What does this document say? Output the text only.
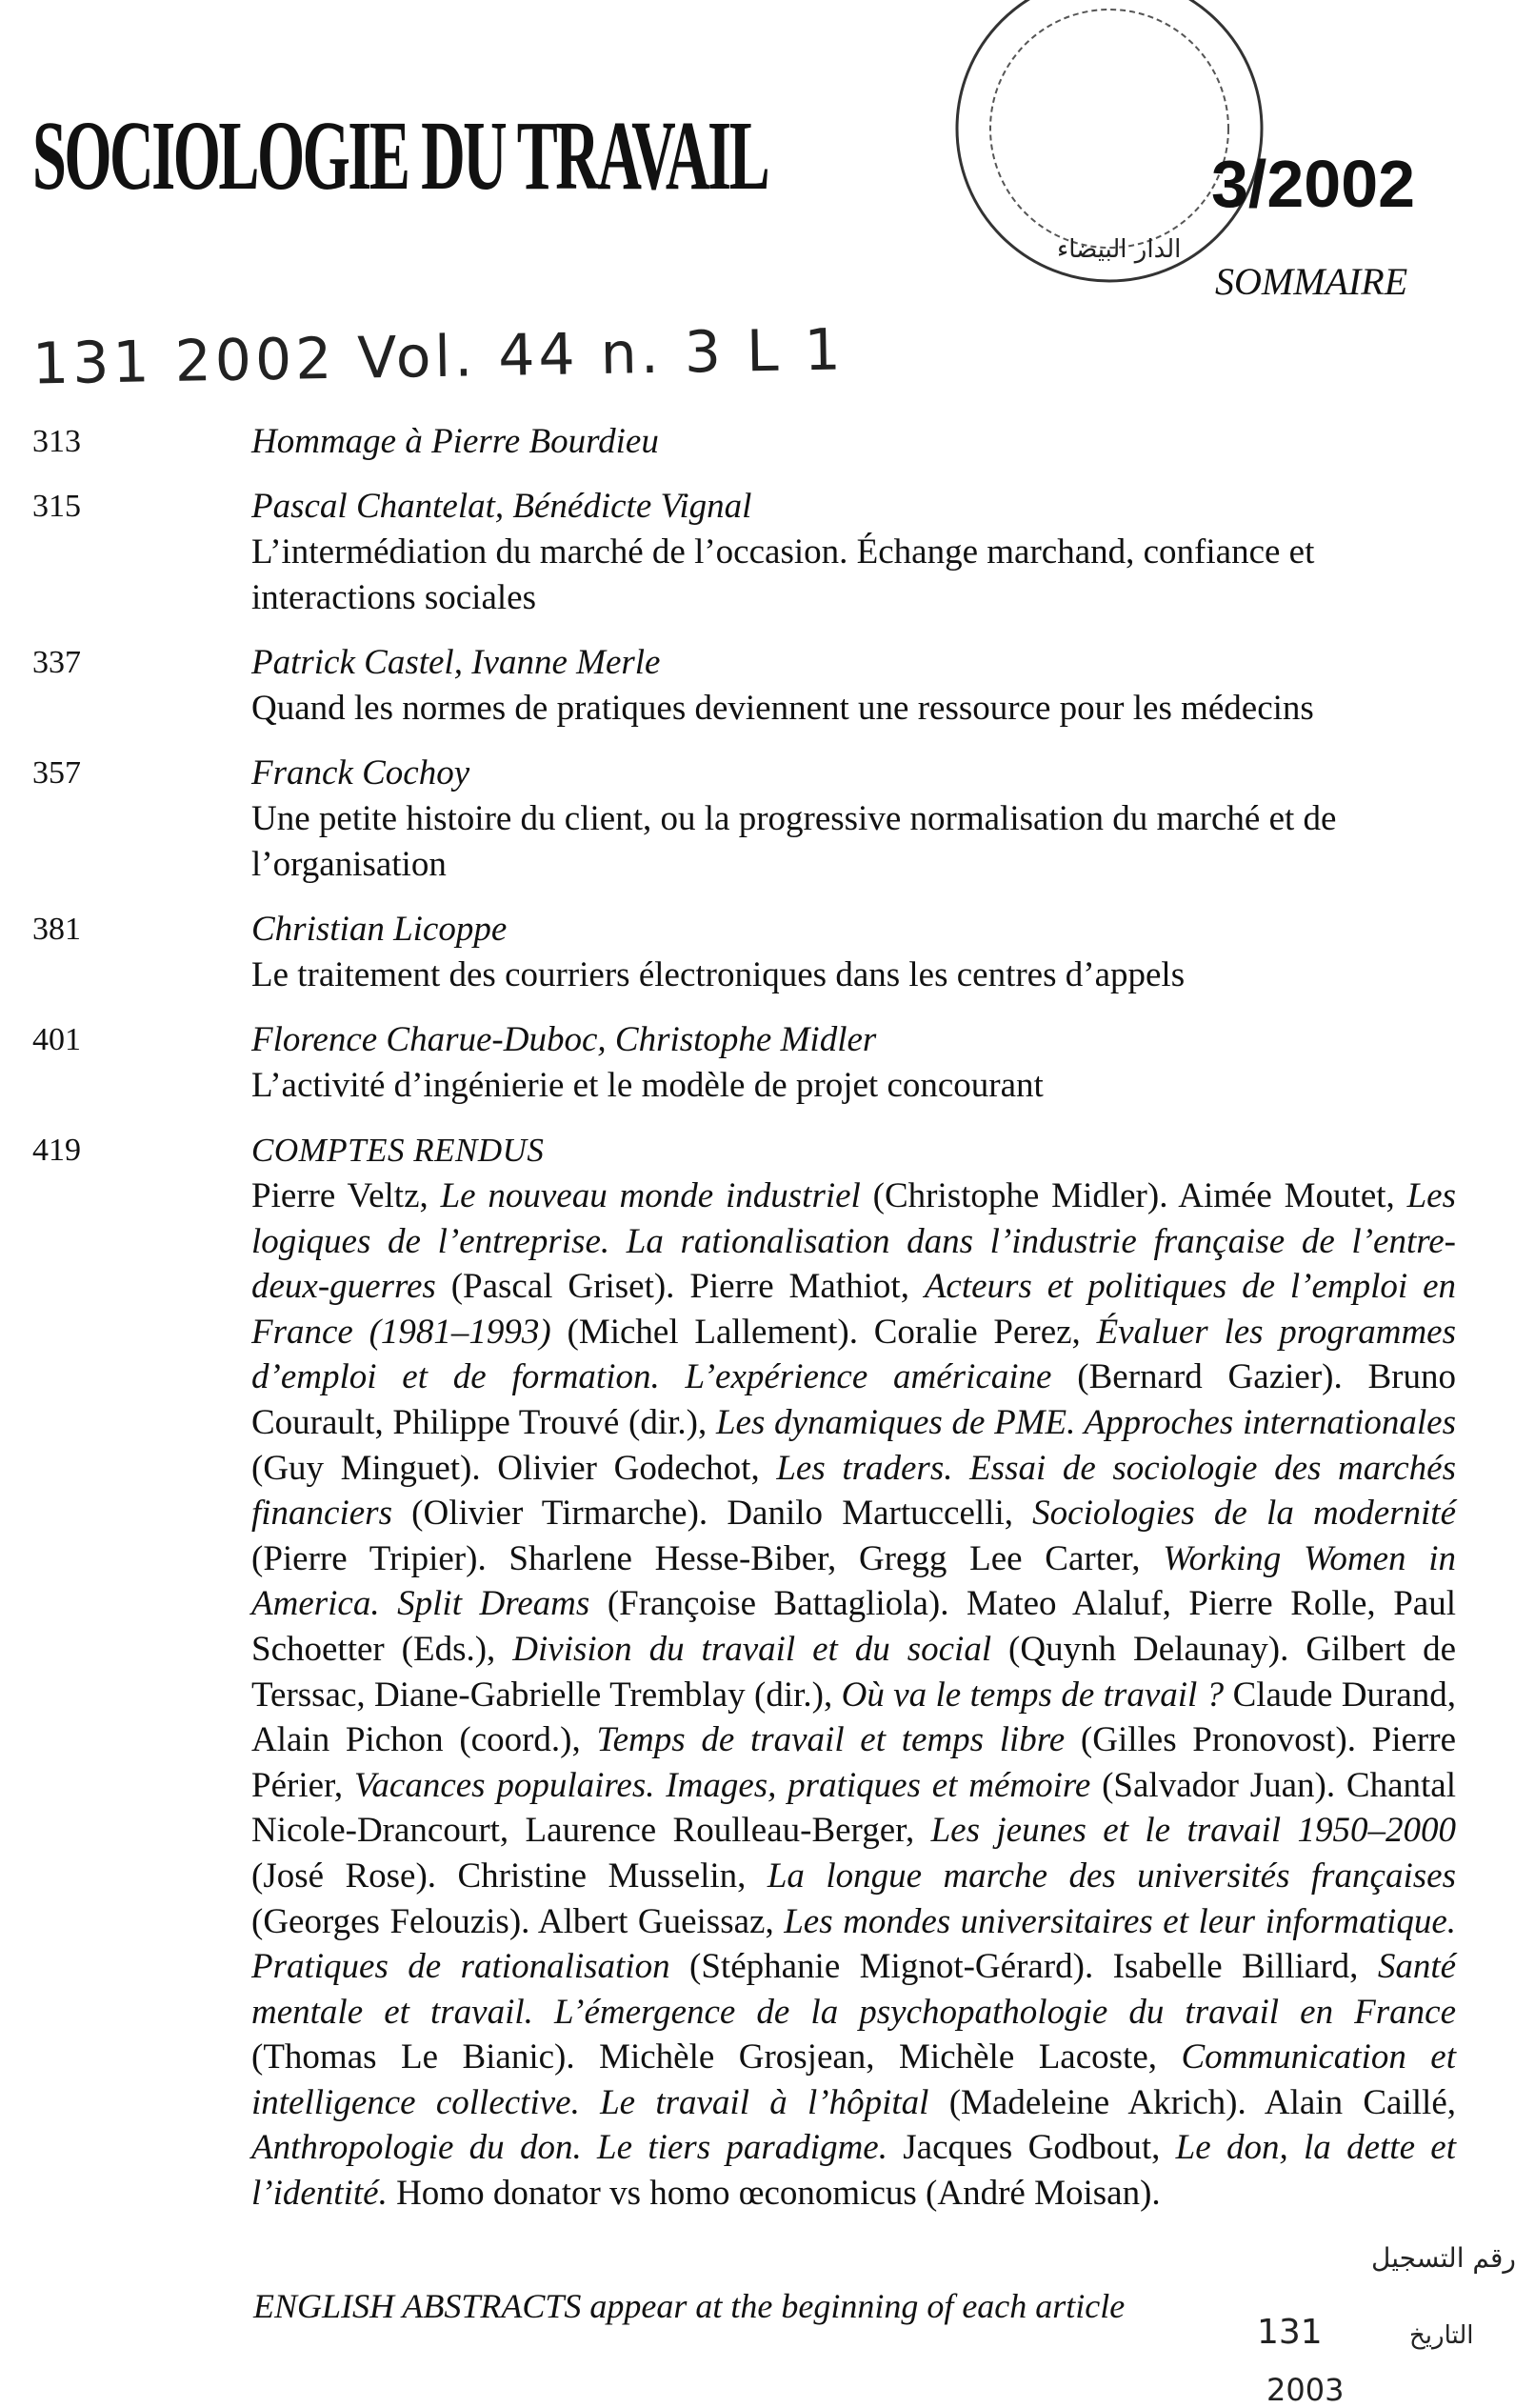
SOCIOLOGIE DU TRAVAIL
الدار البيضاء
3/2002
SOMMAIRE
131 2002 Vol. 44 n. 3 L 1
313	Hommage à Pierre Bourdieu
315	Pascal Chantelat, Bénédicte Vignal
L’intermédiation du marché de l’occasion. Échange marchand, confiance et interactions sociales
337	Patrick Castel, Ivanne Merle
Quand les normes de pratiques deviennent une ressource pour les médecins
357	Franck Cochoy
Une petite histoire du client, ou la progressive normalisation du marché et de l’organisation
381	Christian Licoppe
Le traitement des courriers électroniques dans les centres d’appels
401	Florence Charue-Duboc, Christophe Midler
L’activité d’ingénierie et le modèle de projet concourant
419	COMPTES RENDUS
Pierre Veltz, Le nouveau monde industriel (Christophe Midler). Aimée Moutet, Les logiques de l’entreprise. La rationalisation dans l’industrie française de l’entre-deux-guerres (Pascal Griset). Pierre Mathiot, Acteurs et politiques de l’emploi en France (1981–1993) (Michel Lallement). Coralie Perez, Évaluer les programmes d’emploi et de formation. L’expérience américaine (Bernard Gazier). Bruno Courault, Philippe Trouvé (dir.), Les dynamiques de PME. Approches internationales (Guy Minguet). Olivier Godechot, Les traders. Essai de sociologie des marchés financiers (Olivier Tirmarche). Danilo Martuccelli, Sociologies de la modernité (Pierre Tripier). Sharlene Hesse-Biber, Gregg Lee Carter, Working Women in America. Split Dreams (Françoise Battagliola). Mateo Alaluf, Pierre Rolle, Paul Schoetter (Eds.), Division du travail et du social (Quynh Delaunay). Gilbert de Terssac, Diane-Gabrielle Tremblay (dir.), Où va le temps de travail ? Claude Durand, Alain Pichon (coord.), Temps de travail et temps libre (Gilles Pronovost). Pierre Périer, Vacances populaires. Images, pratiques et mémoire (Salvador Juan). Chantal Nicole-Drancourt, Laurence Roulleau-Berger, Les jeunes et le travail 1950–2000 (José Rose). Christine Musselin, La longue marche des universités françaises (Georges Felouzis). Albert Gueissaz, Les mondes universitaires et leur informatique. Pratiques de rationalisation (Stéphanie Mignot-Gérard). Isabelle Billiard, Santé mentale et travail. L’émergence de la psychopathologie du travail en France (Thomas Le Bianic). Michèle Grosjean, Michèle Lacoste, Communication et intelligence collective. Le travail à l’hôpital (Madeleine Akrich). Alain Caillé, Anthropologie du don. Le tiers paradigme. Jacques Godbout, Le don, la dette et l’identité. Homo donator vs homo œconomicus (André Moisan).
ENGLISH ABSTRACTS appear at the beginning of each article
رقم التسجيل
131	التاريخ
2003
